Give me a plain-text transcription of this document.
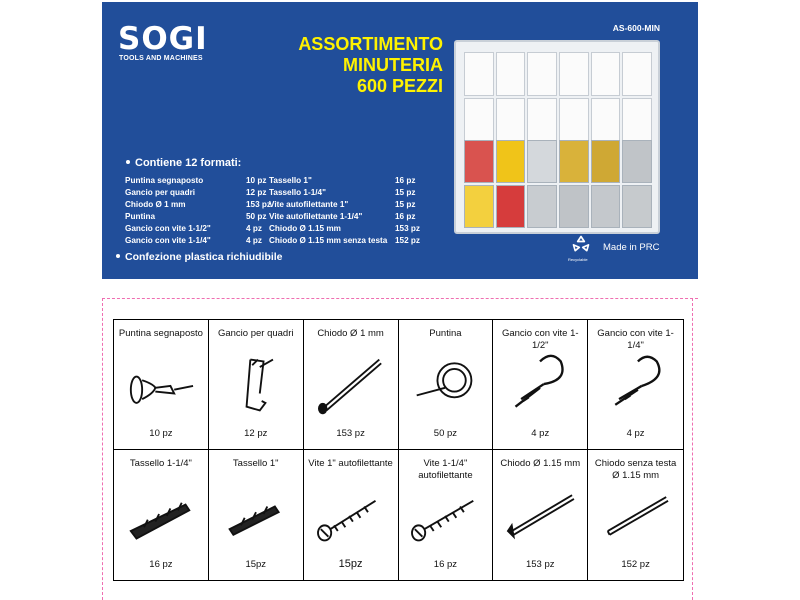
SOGI
TOOLS AND MACHINES
ASSORTIMENTO
MINUTERIA
600 PEZZI
AS-600-MIN
Contiene 12 formati:
Puntina segnaposto	10 pz
Gancio per quadri	12 pz
Chiodo Ø 1 mm	153 pz
Puntina	50 pz
Gancio con vite 1-1/2"	4 pz
Gancio con vite 1-1/4"	4 pz
Tassello 1"	16 pz
Tassello 1-1/4"	15 pz
Vite autofilettante 1"	15 pz
Vite autofilettante 1-1/4"	16 pz
Chiodo Ø 1.15 mm	153 pz
Chiodo Ø 1.15 mm senza testa 152 pz
Confezione plastica richiudibile	Recyclable
Made in PRC
Puntina segnaposto
10 pz
Gancio per quadri
12 pz
Chiodo Ø 1 mm
153 pz
Puntina
50 pz
Gancio con vite 1-1/2"
4 pz
Gancio con vite 1-1/4"
4 pz
Tassello 1-1/4"
16 pz
Tassello 1"
15pz
Vite 1" autofilettante
15pz
Vite 1-1/4" autofilettante
16 pz
Chiodo Ø 1.15 mm
153 pz
Chiodo senza testa Ø 1.15 mm
152 pz
